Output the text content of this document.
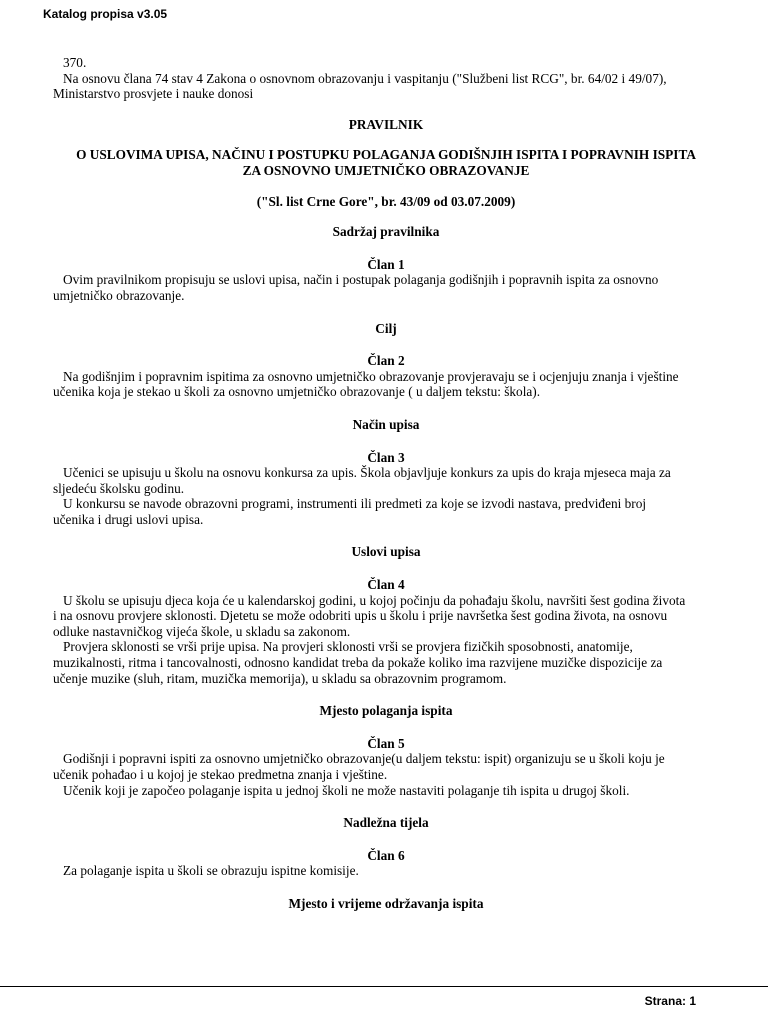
Katalog propisa v3.05

370.

Na osnovu člana 74 stav 4 Zakona o osnovnom obrazovanju i vaspitanju ("Službeni list RCG", br. 64/02 i 49/07),

Ministarstvo prosvjete i nauke donosi
PRAVILNIK
O USLOVIMA UPISA, NAČINU I POSTUPKU POLAGANJA GODIŠNJIH ISPITA I POPRAVNIH ISPITA
ZA OSNOVNO UMJETNIČKO OBRAZOVANJE
("Sl. list Crne Gore", br. 43/09 od 03.07.2009)
Sadržaj pravilnika
Član 1

Ovim pravilnikom propisuju se uslovi upisa, način i postupak polaganja godišnjih i popravnih ispita za osnovno

umjetničko obrazovanje.
Cilj
Član 2

Na godišnjim i popravnim ispitima za osnovno umjetničko obrazovanje provjeravaju se i ocjenjuju znanja i vještine

učenika koja je stekao u školi za osnovno umjetničko obrazovanje ( u daljem tekstu: škola).
Način upisa
Član 3

Učenici se upisuju u školu na osnovu konkursa za upis. Škola objavljuje konkurs za upis do kraja mjeseca maja za

sljedeću školsku godinu.

U konkursu se navode obrazovni programi, instrumenti ili predmeti za koje se izvodi nastava, predviđeni broj

učenika i drugi uslovi upisa.
Uslovi upisa
Član 4

U školu se upisuju djeca koja će u kalendarskoj godini, u kojoj počinju da pohađaju školu, navršiti šest godina života

i na osnovu provjere sklonosti. Djetetu se može odobriti upis u školu i prije navršetka šest godina života, na osnovu
odluke nastavničkog vijeća škole, u skladu sa zakonom.

Provjera sklonosti se vrši prije upisa. Na provjeri sklonosti vrši se provjera fizičkih sposobnosti, anatomije,

muzikalnosti, ritma i tancovalnosti, odnosno kandidat treba da pokaže koliko ima razvijene muzičke dispozicije za
učenje muzike (sluh, ritam, muzička memorija), u skladu sa obrazovnim programom.
Mjesto polaganja ispita
Član 5

Godišnji i popravni ispiti za osnovno umjetničko obrazovanje(u daljem tekstu: ispit) organizuju se u školi koju je

učenik pohađao i u kojoj je stekao predmetna znanja i vještine.

Učenik koji je započeo polaganje ispita u jednoj školi ne može nastaviti polaganje tih ispita u drugoj školi.

Nadležna tijela
Član 6

Za polaganje ispita u školi se obrazuju ispitne komisije.

Mjesto i vrijeme održavanja ispita
Strana: 1
